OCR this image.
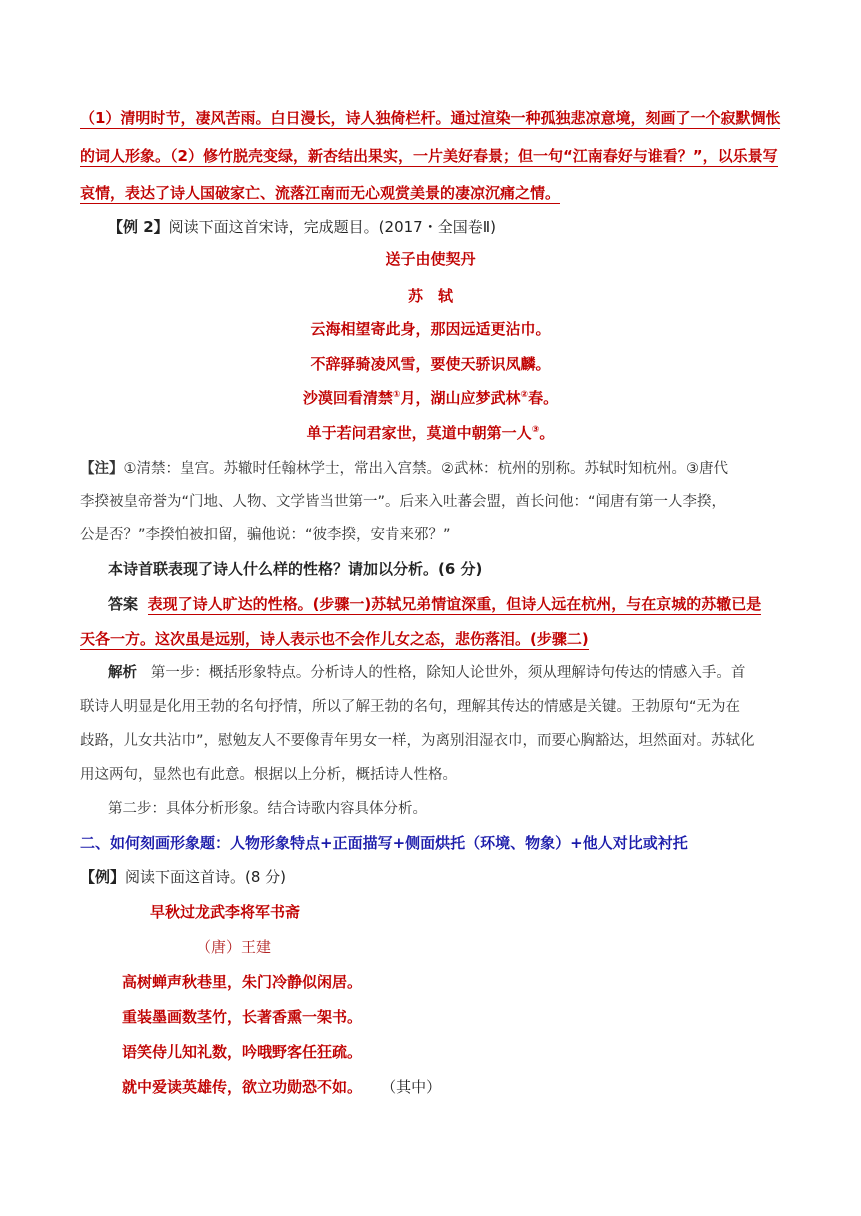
（1）清明时节，凄风苦雨。白日漫长，诗人独倚栏杆。通过渲染一种孤独悲凉意境，刻画了一个寂默惆怅
的词人形象。（2）修竹脱壳变绿，新杏结出果实，一片美好春景；但一句“江南春好与谁看？”，以乐景写
哀情，表达了诗人国破家亡、流落江南而无心观赏美景的凄凉沉痛之情。
【例 2】阅读下面这首宋诗，完成题目。(2017・全国卷Ⅱ)
送子由使契丹
苏　轼
云海相望寄此身，那因远适更沾巾。
不辞驿骑凌风雪，要使天骄识凤麟。
沙漠回看清禁①月，湖山应梦武林②春。
单于若问君家世，莫道中朝第一人③。
【注】①清禁：皇宫。苏辙时任翰林学士，常出入宫禁。②武林：杭州的别称。苏轼时知杭州。③唐代
李揆被皇帝誉为“门地、人物、文学皆当世第一”。后来入吐蕃会盟，酋长问他：“闻唐有第一人李揆，
公是否？”李揆怕被扣留，骗他说：“彼李揆，安肯来邪？”
本诗首联表现了诗人什么样的性格？请加以分析。(6 分)
答案 表现了诗人旷达的性格。(步骤一)苏轼兄弟情谊深重，但诗人远在杭州，与在京城的苏辙已是
天各一方。这次虽是远别，诗人表示也不会作儿女之态，悲伤落泪。(步骤二)
解析 第一步：概括形象特点。分析诗人的性格，除知人论世外，须从理解诗句传达的情感入手。首
联诗人明显是化用王勃的名句抒情，所以了解王勃的名句，理解其传达的情感是关键。王勃原句“无为在
歧路，儿女共沾巾”，慰勉友人不要像青年男女一样，为离别泪湿衣巾，而要心胸豁达，坦然面对。苏轼化
用这两句，显然也有此意。根据以上分析，概括诗人性格。
第二步：具体分析形象。结合诗歌内容具体分析。
二、如何刻画形象题：人物形象特点+正面描写+侧面烘托（环境、物象）+他人对比或衬托
【例】阅读下面这首诗。(8 分)
早秋过龙武李将军书斋
（唐）王建
高树蝉声秋巷里，朱门冷静似闲居。
重装墨画数茎竹，长著香熏一架书。
语笑侍儿知礼数，吟哦野客任狂疏。
就中爱读英雄传，欲立功勋恐不如。 （其中）
